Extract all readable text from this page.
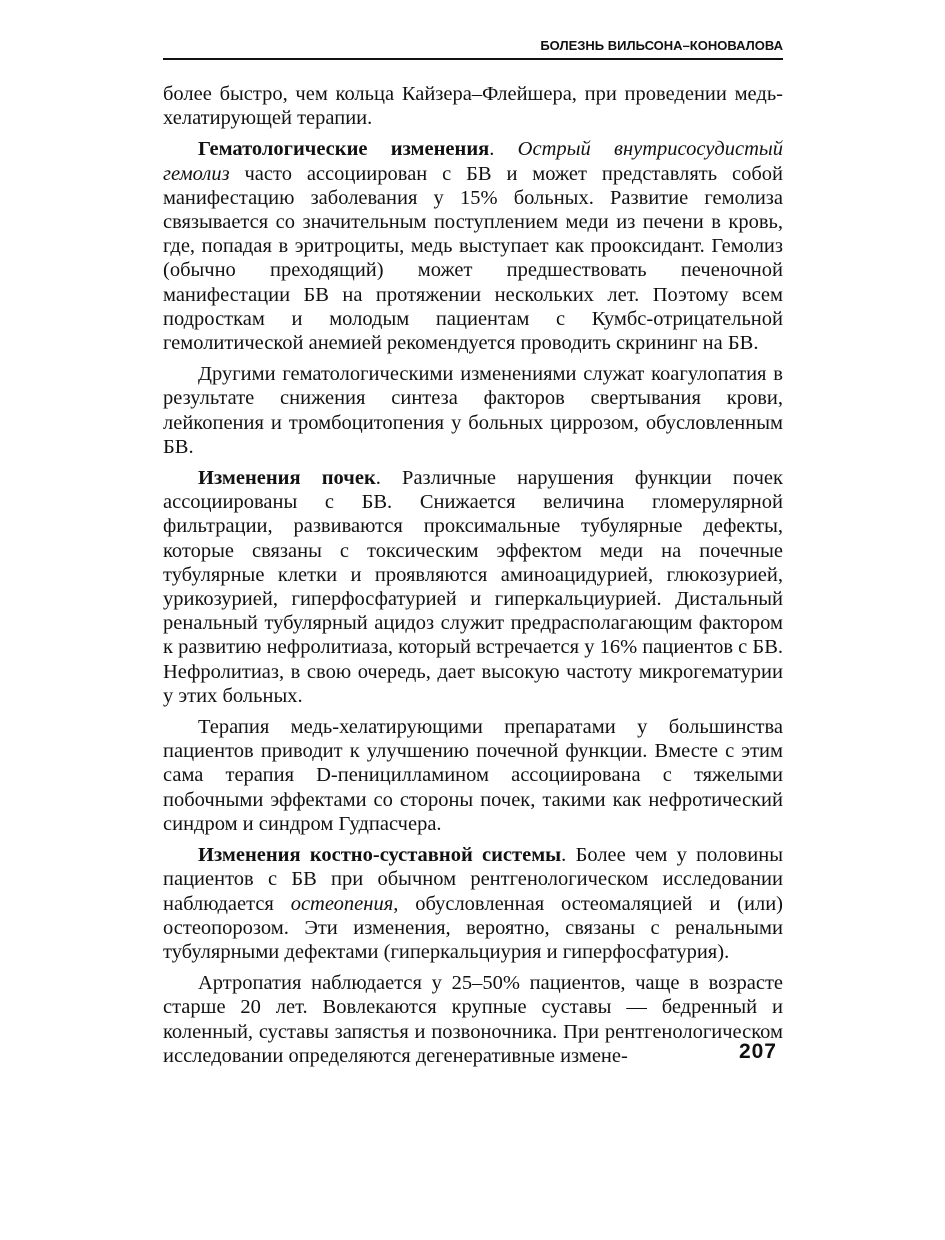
БОЛЕЗНЬ ВИЛЬСОНА–КОНОВАЛОВА

более быстро, чем кольца Кайзера–Флейшера, при проведении медь-хелатирующей терапии.

Гематологические изменения. Острый внутрисосудистый гемолиз часто ассоциирован с БВ и может представлять собой манифестацию заболевания у 15% больных. Развитие гемолиза связывается со значительным поступлением меди из печени в кровь, где, попадая в эритроциты, медь выступает как прооксидант. Гемолиз (обычно преходящий) может предшествовать печеночной манифестации БВ на протяжении нескольких лет. Поэтому всем подросткам и молодым пациентам с Кумбс-отрицательной гемолитической анемией рекомендуется проводить скрининг на БВ.

Другими гематологическими изменениями служат коагулопатия в результате снижения синтеза факторов свертывания крови, лейкопения и тромбоцитопения у больных циррозом, обусловленным БВ.

Изменения почек. Различные нарушения функции почек ассоциированы с БВ. Снижается величина гломерулярной фильтрации, развиваются проксимальные тубулярные дефекты, которые связаны с токсическим эффектом меди на почечные тубулярные клетки и проявляются аминоацидурией, глюкозурией, урикозурией, гиперфосфатурией и гиперкальциурией. Дистальный ренальный тубулярный ацидоз служит предрасполагающим фактором к развитию нефролитиаза, который встречается у 16% пациентов с БВ. Нефролитиаз, в свою очередь, дает высокую частоту микрогематурии у этих больных.

Терапия медь-хелатирующими препаратами у большинства пациентов приводит к улучшению почечной функции. Вместе с этим сама терапия D-пеницилламином ассоциирована с тяжелыми побочными эффектами со стороны почек, такими как нефротический синдром и синдром Гудпасчера.

Изменения костно-суставной системы. Более чем у половины пациентов с БВ при обычном рентгенологическом исследовании наблюдается остеопения, обусловленная остеомаляцией и (или) остеопорозом. Эти изменения, вероятно, связаны с ренальными тубулярными дефектами (гиперкальциурия и гиперфосфатурия).

Артропатия наблюдается у 25–50% пациентов, чаще в возрасте старше 20 лет. Вовлекаются крупные суставы — бедренный и коленный, суставы запястья и позвоночника. При рентгенологическом исследовании определяются дегенеративные измене-	207
